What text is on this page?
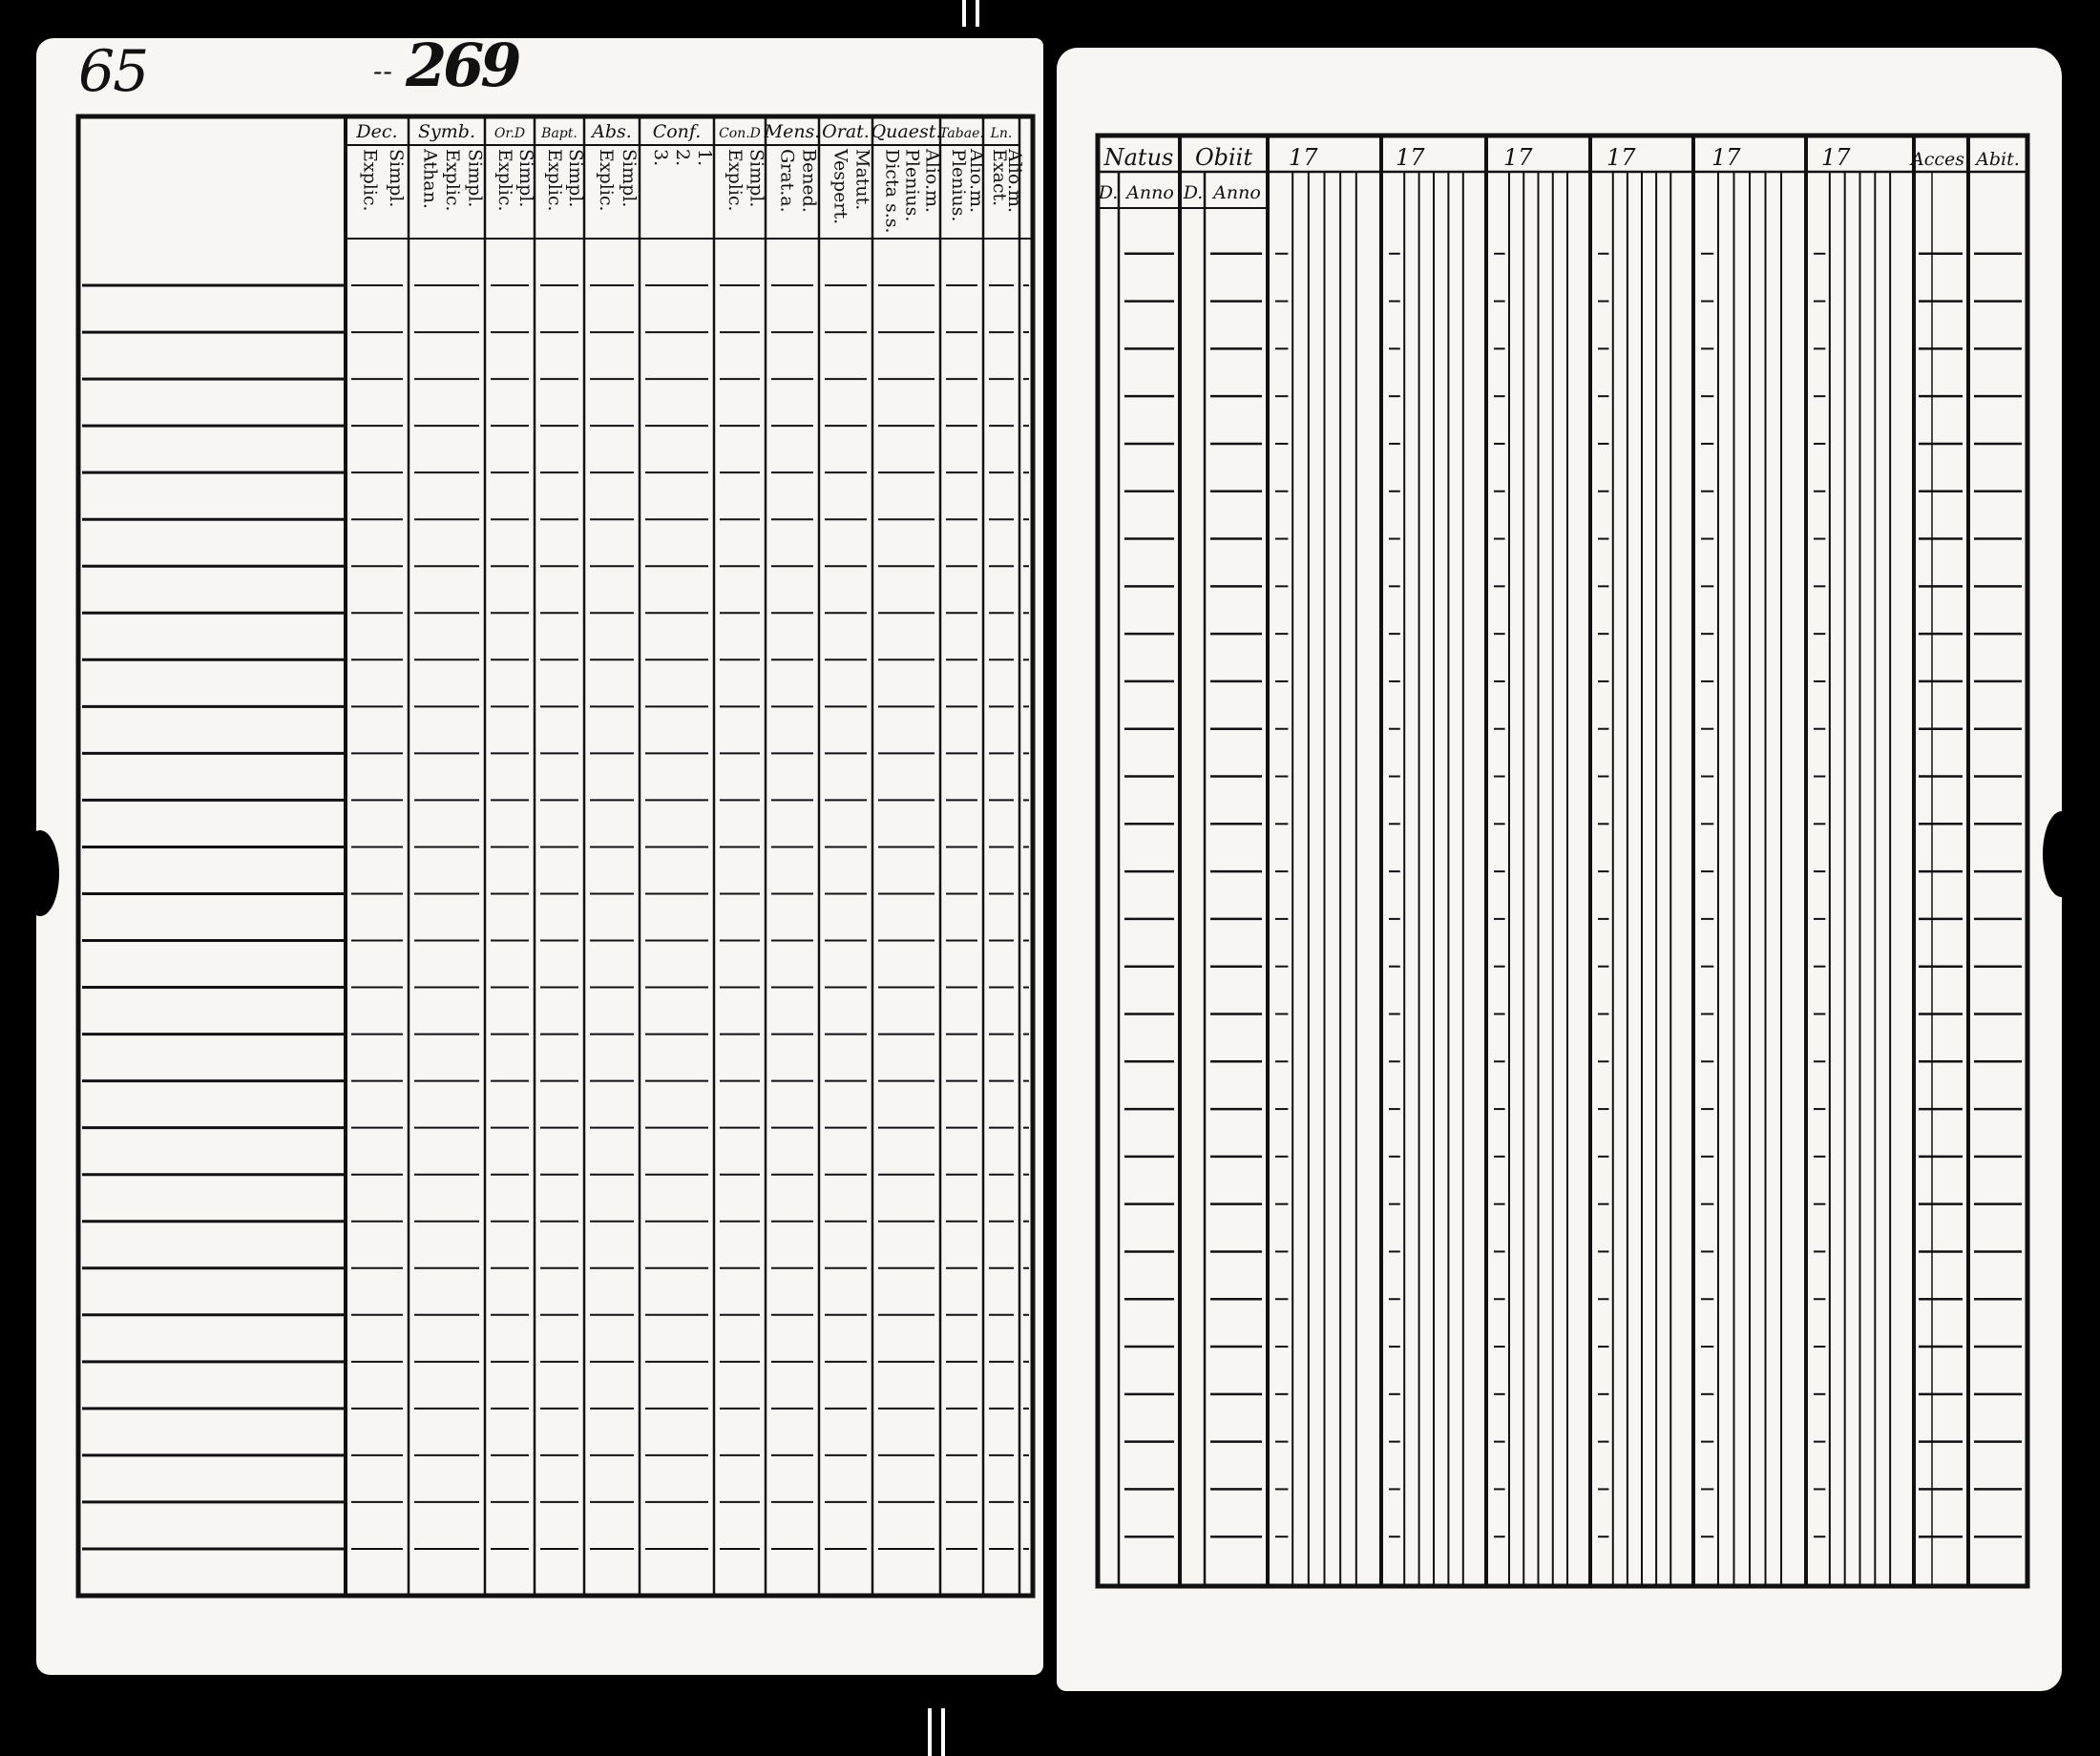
65
- -	269
Dec.
Explic. Simpl.
Symb.
Athan. Explic. Simpl.
Or.D
Explic. Simpl.
Bapt.
Explic. Simpl.
Abs.
Explic. Simpl.
Conf.
3. 2. 1.
Con.D
Explic. Simpl.
Mens.
Grat.a. Bened.
Orat.
Vespert. Matut.
Quaest.
Dicta s.s.
Plenius.
Alio.m.
Tabae.
Plenius.
Alio.m.
Ln.
Exact.
Alio.m.	Natus Obiit 17	17	17	17	17	17	Acces. Abit.
D. Anno D. Anno
